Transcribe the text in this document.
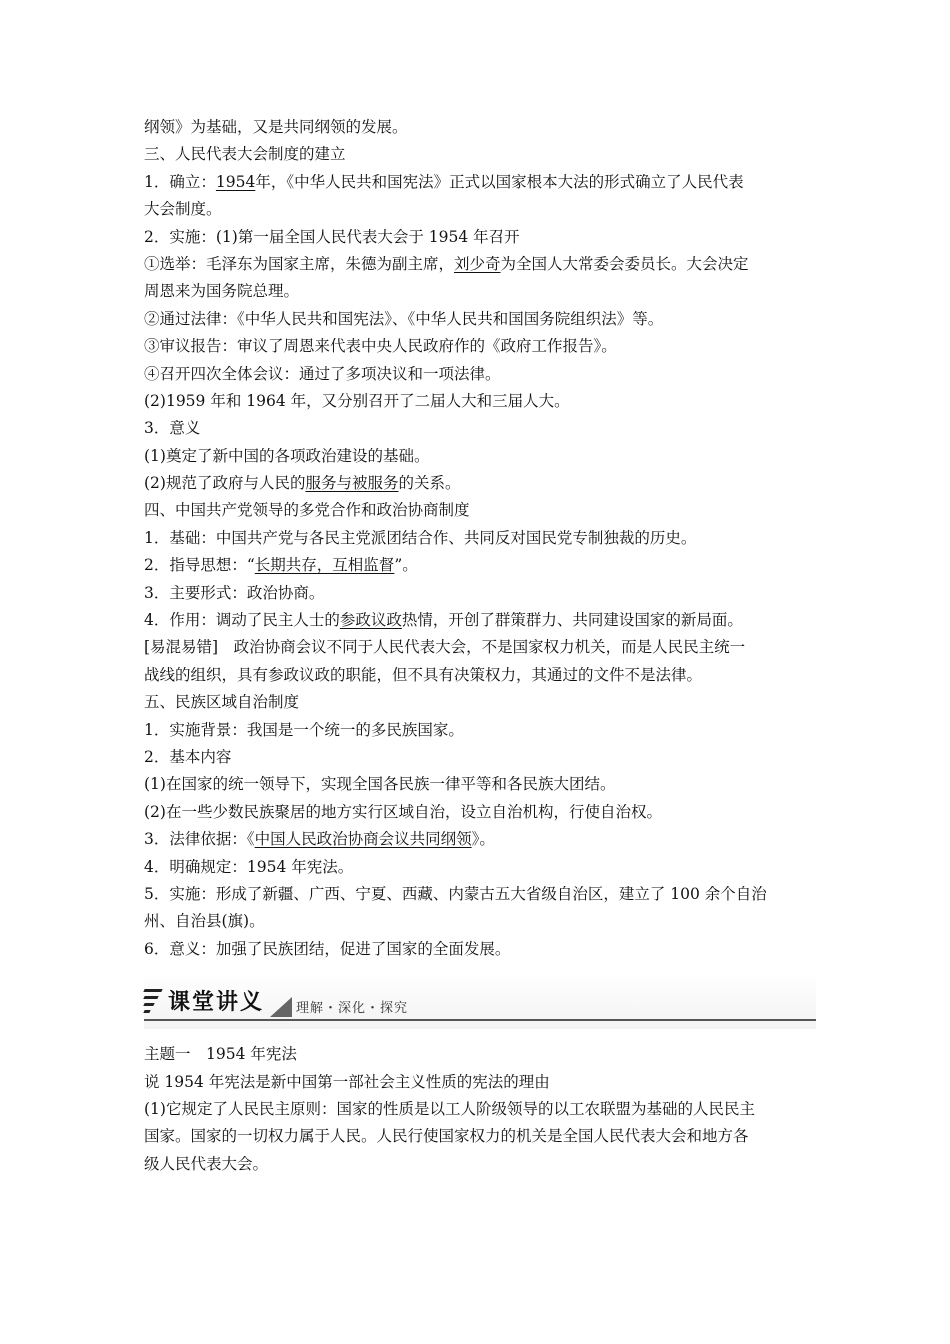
纲领》为基础，又是共同纲领的发展。
三、人民代表大会制度的建立
1．确立：1954年，《中华人民共和国宪法》正式以国家根本大法的形式确立了人民代表
大会制度。
2．实施：(1)第一届全国人民代表大会于 1954 年召开
①选举：毛泽东为国家主席，朱德为副主席，刘少奇为全国人大常委会委员长。大会决定
周恩来为国务院总理。
②通过法律：《中华人民共和国宪法》、《中华人民共和国国务院组织法》等。
③审议报告：审议了周恩来代表中央人民政府作的《政府工作报告》。
④召开四次全体会议：通过了多项决议和一项法律。
(2)1959 年和 1964 年，又分别召开了二届人大和三届人大。
3．意义
(1)奠定了新中国的各项政治建设的基础。
(2)规范了政府与人民的服务与被服务的关系。
四、中国共产党领导的多党合作和政治协商制度
1．基础：中国共产党与各民主党派团结合作、共同反对国民党专制独裁的历史。
2．指导思想：“长期共存，互相监督”。
3．主要形式：政治协商。
4．作用：调动了民主人士的参政议政热情，开创了群策群力、共同建设国家的新局面。
[易混易错]　政治协商会议不同于人民代表大会，不是国家权力机关，而是人民民主统一
战线的组织，具有参政议政的职能，但不具有决策权力，其通过的文件不是法律。
五、民族区域自治制度
1．实施背景：我国是一个统一的多民族国家。
2．基本内容
(1)在国家的统一领导下，实现全国各民族一律平等和各民族大团结。
(2)在一些少数民族聚居的地方实行区域自治，设立自治机构，行使自治权。
3．法律依据：《中国人民政治协商会议共同纲领》。
4．明确规定：1954 年宪法。
5．实施：形成了新疆、广西、宁夏、西藏、内蒙古五大省级自治区，建立了 100 余个自治
州、自治县(旗)。
6．意义：加强了民族团结，促进了国家的全面发展。
课堂讲义 理解・深化・探究
主题一　1954 年宪法
说 1954 年宪法是新中国第一部社会主义性质的宪法的理由
(1)它规定了人民民主原则：国家的性质是以工人阶级领导的以工农联盟为基础的人民民主
国家。国家的一切权力属于人民。人民行使国家权力的机关是全国人民代表大会和地方各
级人民代表大会。
